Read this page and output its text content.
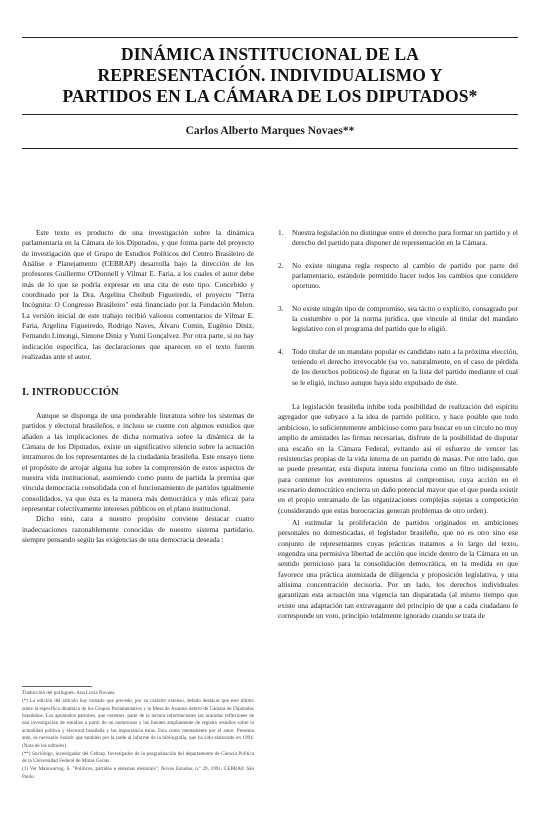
DINÁMICA INSTITUCIONAL DE LA
REPRESENTACIÓN. INDIVIDUALISMO Y
PARTIDOS EN LA CÁMARA DE LOS DIPUTADOS*
Carlos Alberto Marques Novaes**

Este texto es producto de una investigación sobre la dinámica parlamentaria en la Cámara de los Diputados, y que forma parte del proyecto de investigación que el Grupo de Estudios Políticos del Centro Brasileiro de Análise e Planejamento (CEBRAP) desarrolla bajo la dirección de los profesores Guillermo O'Donnell y Vilmar E. Faria, a los cuales el autor debe más de lo que se podría expresar en una cita de este tipo. Concebido y coordinado por la Dra. Argelina Cheibub Figueiredo, el proyecto "Terra Incógnita: O Congresso Brasileiro" está financiado por la Fundación Melon. La versión inicial de este trabajo recibió valiosos comentarios de Vilmar E. Faria, Argelina Figueiredo, Rodrigo Naves, Álvaro Comin, Eugênio Diniz, Fernando Limongi, Simone Diniz y Yumi Gonçalvez. Por otra parte, si no hay indicación específica, las declaraciones que aparecen en el texto fueron realizadas ante el autor.

I. INTRODUCCIÓN

Aunque se disponga de una ponderable literatura sobre los sistemas de partidos y electoral brasileños, e incluso se cuente con algunos estudios que añaden a las implicaciones de dicha normativa sobre la dinámica de la Cámara de los Diputados, existe un significativo silencio sobre la actuación intramuros de los representantes de la ciudadanía brasileña. Este ensayo tiene el propósito de arrojar alguna luz sobre la comprensión de estos aspectos de nuestra vida institucional, asumiendo como punto de partida la premisa que vincula democracia consolidada con el funcionamiento de partidos igualmente consolidados, ya que ésta es la manera más democrática y más eficaz para representar colectivamente intereses públicos en el plano institucional.

Dicho esto, cara a nuestro propósito conviene destacar cuatro inadecuaciones razonablemente conocidas de nuestro sistema partidario, siempre pensando según las exigencias de una democracia deseada :

Traducción del portugués: Ana Lúcia Novaes.

(*) La edición del artículo hay tomado que precede, por su carácter extenso, debido destacar que este último sobre la especifica dinámica de los Grupos Parlamentarios y la Mesa de Asuntos dentro de Cámara de Diputados brasileños. Los apuntados patrones, que veremos, parte de la lectura informaciones las acaradas reflexiones de una investigación de estudios a partir de un numerosos y las fuentes ampliamente de registro estudios sobre la actualidad política y electoral brasileña y las importancia estas. Esta como mentamente por el autor. Presenta ante, es necesario insistir que también por la tarde al informe de la bibliografía, que ha sido elaborado en 1994. (Nota de los editores).

(**) Sociólogo, investigador del Cebrap. Investigador de la posgraduación del departamento de Ciencia Política de la Universidad Federal de Minas Gerais.

(1) Ver Mainwaring, S. "Políticos, partidos e sistemas eleitorais", Novos Estudos, n.º 29, 1991, CEBRAP, São Paulo.

1. Nuestra legislación no distingue entre el derecho para formar un partido y el derecho del partido para disponer de representación en la Cámara.
2. No existe ninguna regla respecto al cambio de partido por parte del parlamentario, estándole permitido hacer todos los cambios que considere oportuno.
3. No existe ningún tipo de compromiso, sea tácito o explícito, consagrado por la costumbre o por la norma jurídica, que vincule al titular del mandato legislativo con el programa del partido que lo eligió.
4. Todo titular de un mandato popular es candidato nato a la próxima elección, teniendo el derecho irrevocable (sa vo, naturalmente, en el caso de pérdida de los derechos políticos) de figurar en la lista del partido mediante el cual se le eligió, incluso aunque haya sido expulsado de éste.

La legislación brasileña inhibe toda posibilidad de realización del espíritu agregador que subyace a la idea de partido político, y hace posible que todo ambicioso, lo suficientemente ambicioso como para buscar en un círculo no muy amplio de amistades las firmas necesarias, disfrute de la posibilidad de disputar una escaño en la Cámara Federal, evitando así el esfuerzo de vencer las resistencias propias de la vida interna de un partido de masas. Por otro lado, que se puede presentar, esta disputa interna funciona como un filtro indispensable para contener los aventureros opuestos al compromiso, cuya acción en el escenario democrático encierra un daño potencial mayor que el que pueda existir en el propio entramado de las organizaciones complejas sujetas a competición (considerando que estas burocracias generan problemas de otro orden).

Al estimular la proliferación de partidos originados en ambiciones personales no domesticadas, el legislador brasileño, que no es otro sino ese conjunto de representantes cuyas prácticas tratamos a lo largo del texto, engendra una permisiva libertad de acción que incide dentro de la Cámara en un sentido pernicioso para la consolidación democrática, en la medida en que favorece una práctica atomizada de diligencia y proposición legislativa, y una altísima concentración decisoria. Por un lado, los derechos individuales garantizan esta actuación una vigencia tan disparatada (al mismo tiempo que existe una adaptación tan extravagante del principio de que a cada ciudadano le corresponde un voto, principio totalmente ignorado cuando se trata de
